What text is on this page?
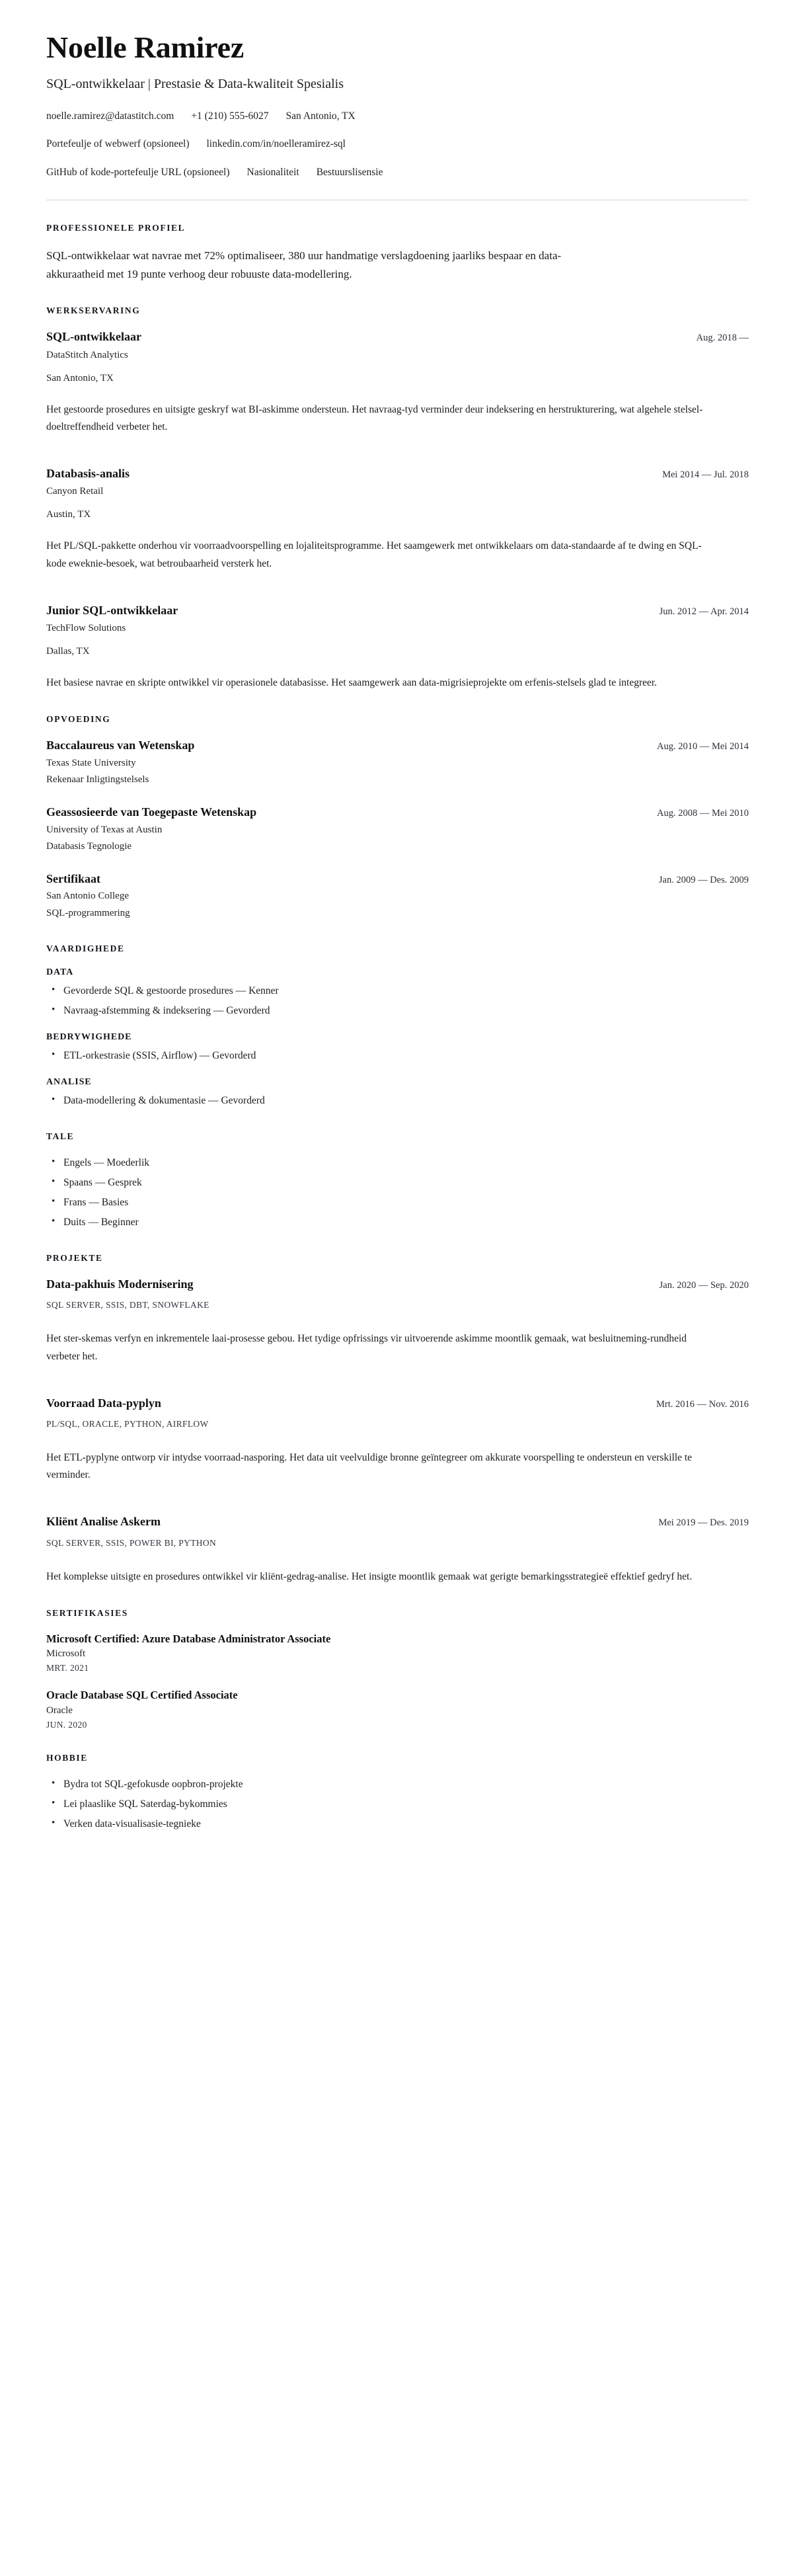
Noelle Ramirez
SQL-ontwikkelaar | Prestasie & Data-kwaliteit Spesialis
noelle.ramirez@datastitch.com +1 (210) 555-6027 San Antonio, TX
Portefeulje of webwerf (opsioneel) linkedin.com/in/noelleramirez-sql
GitHub of kode-portefeulje URL (opsioneel) Nasionaliteit Bestuurslisensie
PROFESSIONELE PROFIEL

SQL-ontwikkelaar wat navrae met 72% optimaliseer, 380 uur handmatige verslagdoening jaarliks bespaar en data-akkuraatheid met 19 punte verhoog deur robuuste data-modellering.

WERKSERVARING
SQL-ontwikkelaar	Aug. 2018 —
DataStitch Analytics
San Antonio, TX

Het gestoorde prosedures en uitsigte geskryf wat BI-askimme ondersteun. Het navraag-tyd verminder deur indeksering en herstrukturering, wat algehele stelsel-doeltreffendheid verbeter het.

Databasis-analis	Mei 2014 — Jul. 2018
Canyon Retail
Austin, TX

Het PL/SQL-pakkette onderhou vir voorraadvoorspelling en lojaliteitsprogramme. Het saamgewerk met ontwikkelaars om data-standaarde af te dwing en SQL-kode eweknie-besoek, wat betroubaarheid versterk het.

Junior SQL-ontwikkelaar	Jun. 2012 — Apr. 2014
TechFlow Solutions
Dallas, TX

Het basiese navrae en skripte ontwikkel vir operasionele databasisse. Het saamgewerk aan data-migrisieprojekte om erfenis-stelsels glad te integreer.

OPVOEDING
Baccalaureus van Wetenskap	Aug. 2010 — Mei 2014
Texas State University
Rekenaar Inligtingstelsels
Geassosieerde van Toegepaste Wetenskap	Aug. 2008 — Mei 2010
University of Texas at Austin
Databasis Tegnologie
Sertifikaat	Jan. 2009 — Des. 2009
San Antonio College
SQL-programmering
VAARDIGHEDE
DATA
• Gevorderde SQL & gestoorde prosedures — Kenner
• Navraag-afstemming & indeksering — Gevorderd
BEDRYWIGHEDE
• ETL-orkestrasie (SSIS, Airflow) — Gevorderd
ANALISE
• Data-modellering & dokumentasie — Gevorderd
TALE
• Engels — Moederlik
• Spaans — Gesprek
• Frans — Basies
• Duits — Beginner
PROJEKTE
Data-pakhuis Modernisering	Jan. 2020 — Sep. 2020
SQL SERVER, SSIS, DBT, SNOWFLAKE

Het ster-skemas verfyn en inkrementele laai-prosesse gebou. Het tydige opfrissings vir uitvoerende askimme moontlik gemaak, wat besluitneming-rundheid verbeter het.

Voorraad Data-pyplyn	Mrt. 2016 — Nov. 2016
PL/SQL, ORACLE, PYTHON, AIRFLOW

Het ETL-pyplyne ontworp vir intydse voorraad-nasporing. Het data uit veelvuldige bronne geïntegreer om akkurate voorspelling te ondersteun en verskille te verminder.

Kliënt Analise Askerm	Mei 2019 — Des. 2019
SQL SERVER, SSIS, POWER BI, PYTHON

Het komplekse uitsigte en prosedures ontwikkel vir kliënt-gedrag-analise. Het insigte moontlik gemaak wat gerigte bemarkingsstrategieë effektief gedryf het.

SERTIFIKASIES
Microsoft Certified: Azure Database Administrator Associate
Microsoft
MRT. 2021
Oracle Database SQL Certified Associate
Oracle
JUN. 2020
HOBBIE
• Bydra tot SQL-gefokusde oopbron-projekte
• Lei plaaslike SQL Saterdag-bykommies
• Verken data-visualisasie-tegnieke
